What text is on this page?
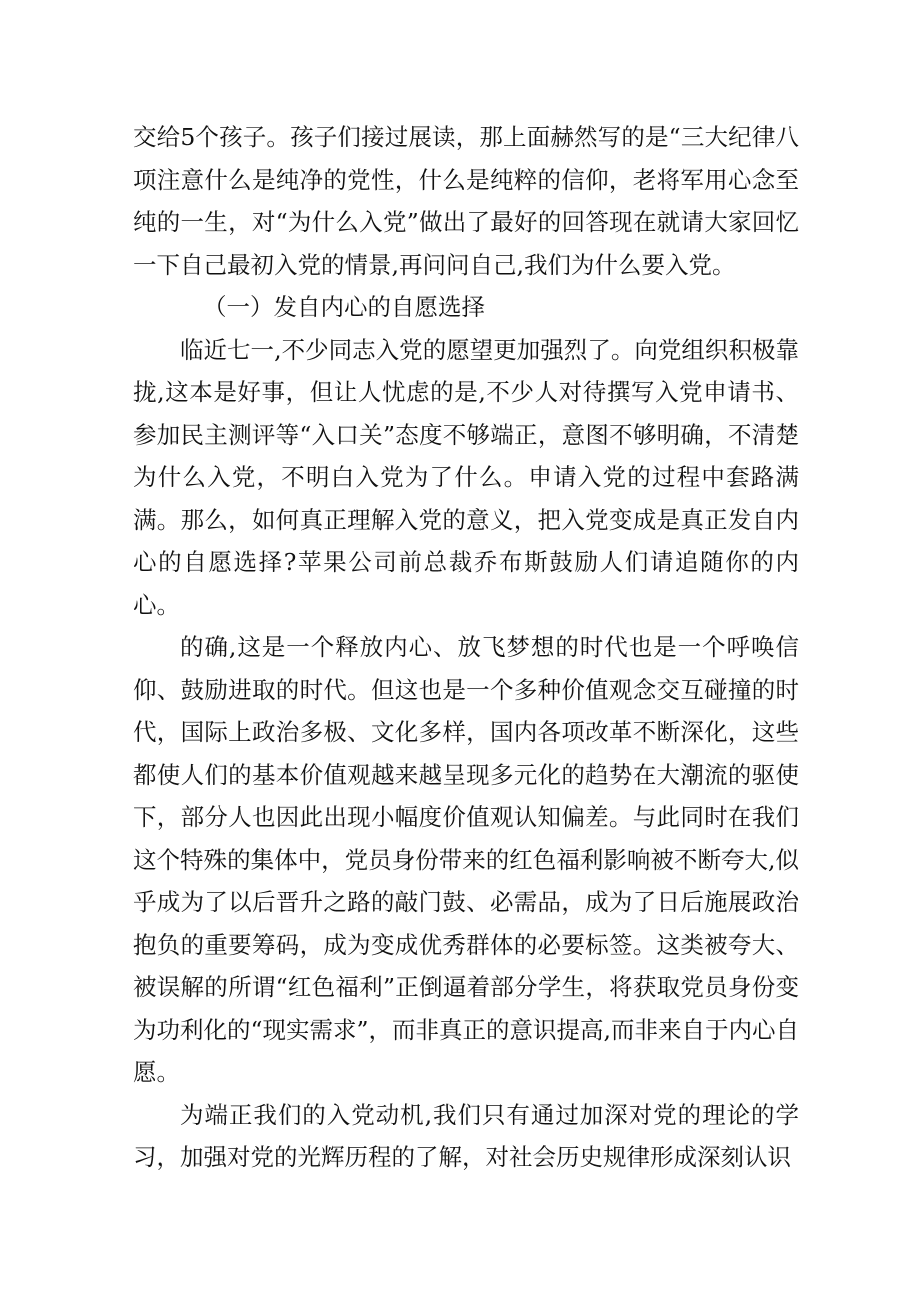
交给5个孩子。孩子们接过展读，那上面赫然写的是“三大纪律八项注意什么是纯净的党性，什么是纯粹的信仰，老将军用心念至纯的一生，对“为什么入党”做出了最好的回答现在就请大家回忆一下自己最初入党的情景,再问问自己,我们为什么要入党。

（一）发自内心的自愿选择

临近七一,不少同志入党的愿望更加强烈了。向党组织积极靠拢,这本是好事，但让人忧虑的是,不少人对待撰写入党申请书、参加民主测评等“入口关”态度不够端正，意图不够明确，不清楚为什么入党，不明白入党为了什么。申请入党的过程中套路满满。那么，如何真正理解入党的意义，把入党变成是真正发自内心的自愿选择?苹果公司前总裁乔布斯鼓励人们请追随你的内心。

的确,这是一个释放内心、放飞梦想的时代也是一个呼唤信仰、鼓励进取的时代。但这也是一个多种价值观念交互碰撞的时代，国际上政治多极、文化多样，国内各项改革不断深化，这些都使人们的基本价值观越来越呈现多元化的趋势在大潮流的驱使下，部分人也因此出现小幅度价值观认知偏差。与此同时在我们这个特殊的集体中，党员身份带来的红色福利影响被不断夸大,似乎成为了以后晋升之路的敲门鼓、必需品，成为了日后施展政治抱负的重要筹码，成为变成优秀群体的必要标签。这类被夸大、被误解的所谓“红色福利”正倒逼着部分学生，将获取党员身份变为功利化的“现实需求”，而非真正的意识提高,而非来自于内心自愿。

为端正我们的入党动机,我们只有通过加深对党的理论的学习，加强对党的光辉历程的了解，对社会历史规律形成深刻认识
